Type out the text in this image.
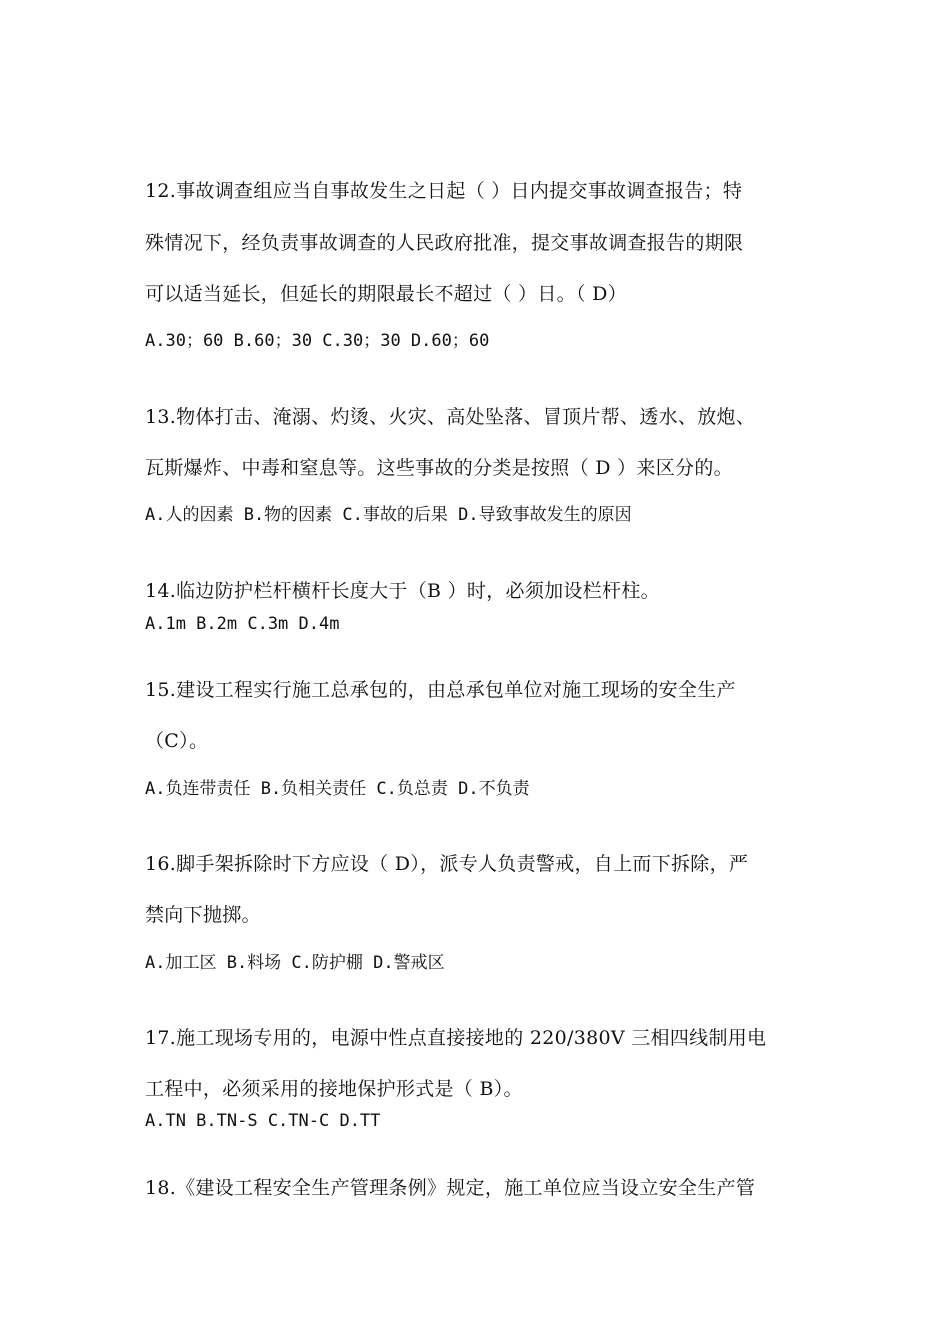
12.事故调查组应当自事故发生之日起（ ）日内提交事故调查报告；特
殊情况下，经负责事故调查的人民政府批准，提交事故调查报告的期限
可以适当延长，但延长的期限最长不超过（ ）日。（ D）
A.30；60 B.60；30 C.30；30 D.60；60
13.物体打击、淹溺、灼烫、火灾、高处坠落、冒顶片帮、透水、放炮、
瓦斯爆炸、中毒和窒息等。这些事故的分类是按照（ D ）来区分的。
A.人的因素 B.物的因素 C.事故的后果 D.导致事故发生的原因
14.临边防护栏杆横杆长度大于（B ）时，必须加设栏杆柱。
A.1m B.2m C.3m D.4m
15.建设工程实行施工总承包的，由总承包单位对施工现场的安全生产
（C）。
A.负连带责任 B.负相关责任 C.负总责 D.不负责
16.脚手架拆除时下方应设（ D），派专人负责警戒，自上而下拆除，严
禁向下抛掷。
A.加工区 B.料场 C.防护棚 D.警戒区
17.施工现场专用的，电源中性点直接接地的 220/380V 三相四线制用电
工程中，必须采用的接地保护形式是（ B）。
A.TN B.TN-S C.TN-C D.TT
18.《建设工程安全生产管理条例》规定，施工单位应当设立安全生产管
